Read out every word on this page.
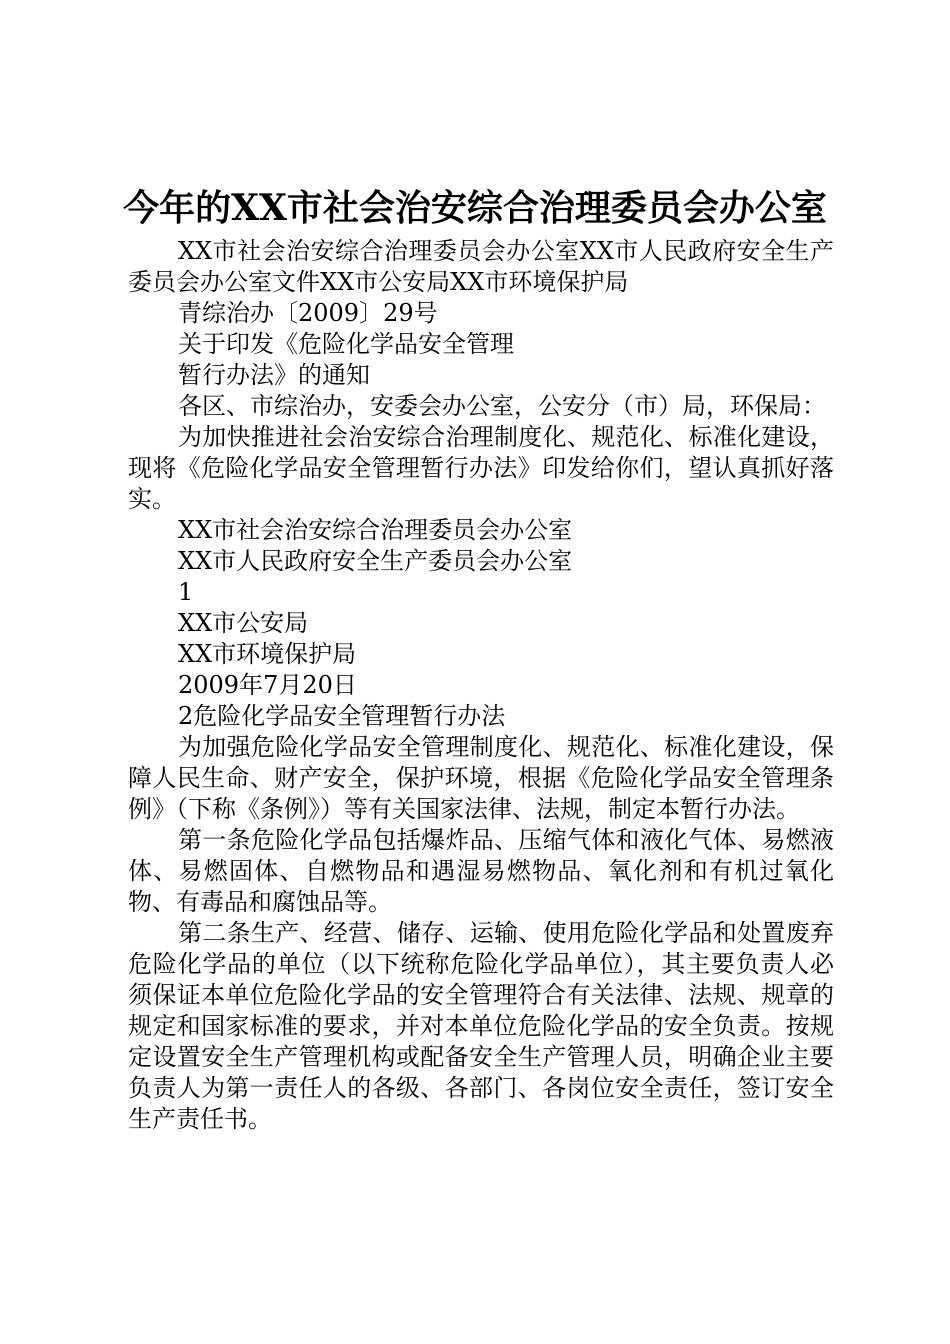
今年的XX市社会治安综合治理委员会办公室

XX市社会治安综合治理委员会办公室XX市人民政府安全生产委员会办公室文件XX市公安局XX市环境保护局

青综治办〔2009〕29号

关于印发《危险化学品安全管理

暂行办法》的通知

各区、市综治办，安委会办公室，公安分（市）局，环保局：

为加快推进社会治安综合治理制度化、规范化、标准化建设，现将《危险化学品安全管理暂行办法》印发给你们，望认真抓好落实。

XX市社会治安综合治理委员会办公室

XX市人民政府安全生产委员会办公室

1

XX市公安局

XX市环境保护局

2009年7月20日

2危险化学品安全管理暂行办法

为加强危险化学品安全管理制度化、规范化、标准化建设，保障人民生命、财产安全，保护环境，根据《危险化学品安全管理条例》（下称《条例》）等有关国家法律、法规，制定本暂行办法。

第一条危险化学品包括爆炸品、压缩气体和液化气体、易燃液体、易燃固体、自燃物品和遇湿易燃物品、氧化剂和有机过氧化物、有毒品和腐蚀品等。

第二条生产、经营、储存、运输、使用危险化学品和处置废弃危险化学品的单位（以下统称危险化学品单位），其主要负责人必须保证本单位危险化学品的安全管理符合有关法律、法规、规章的规定和国家标准的要求，并对本单位危险化学品的安全负责。按规定设置安全生产管理机构或配备安全生产管理人员，明确企业主要负责人为第一责任人的各级、各部门、各岗位安全责任，签订安全生产责任书。
